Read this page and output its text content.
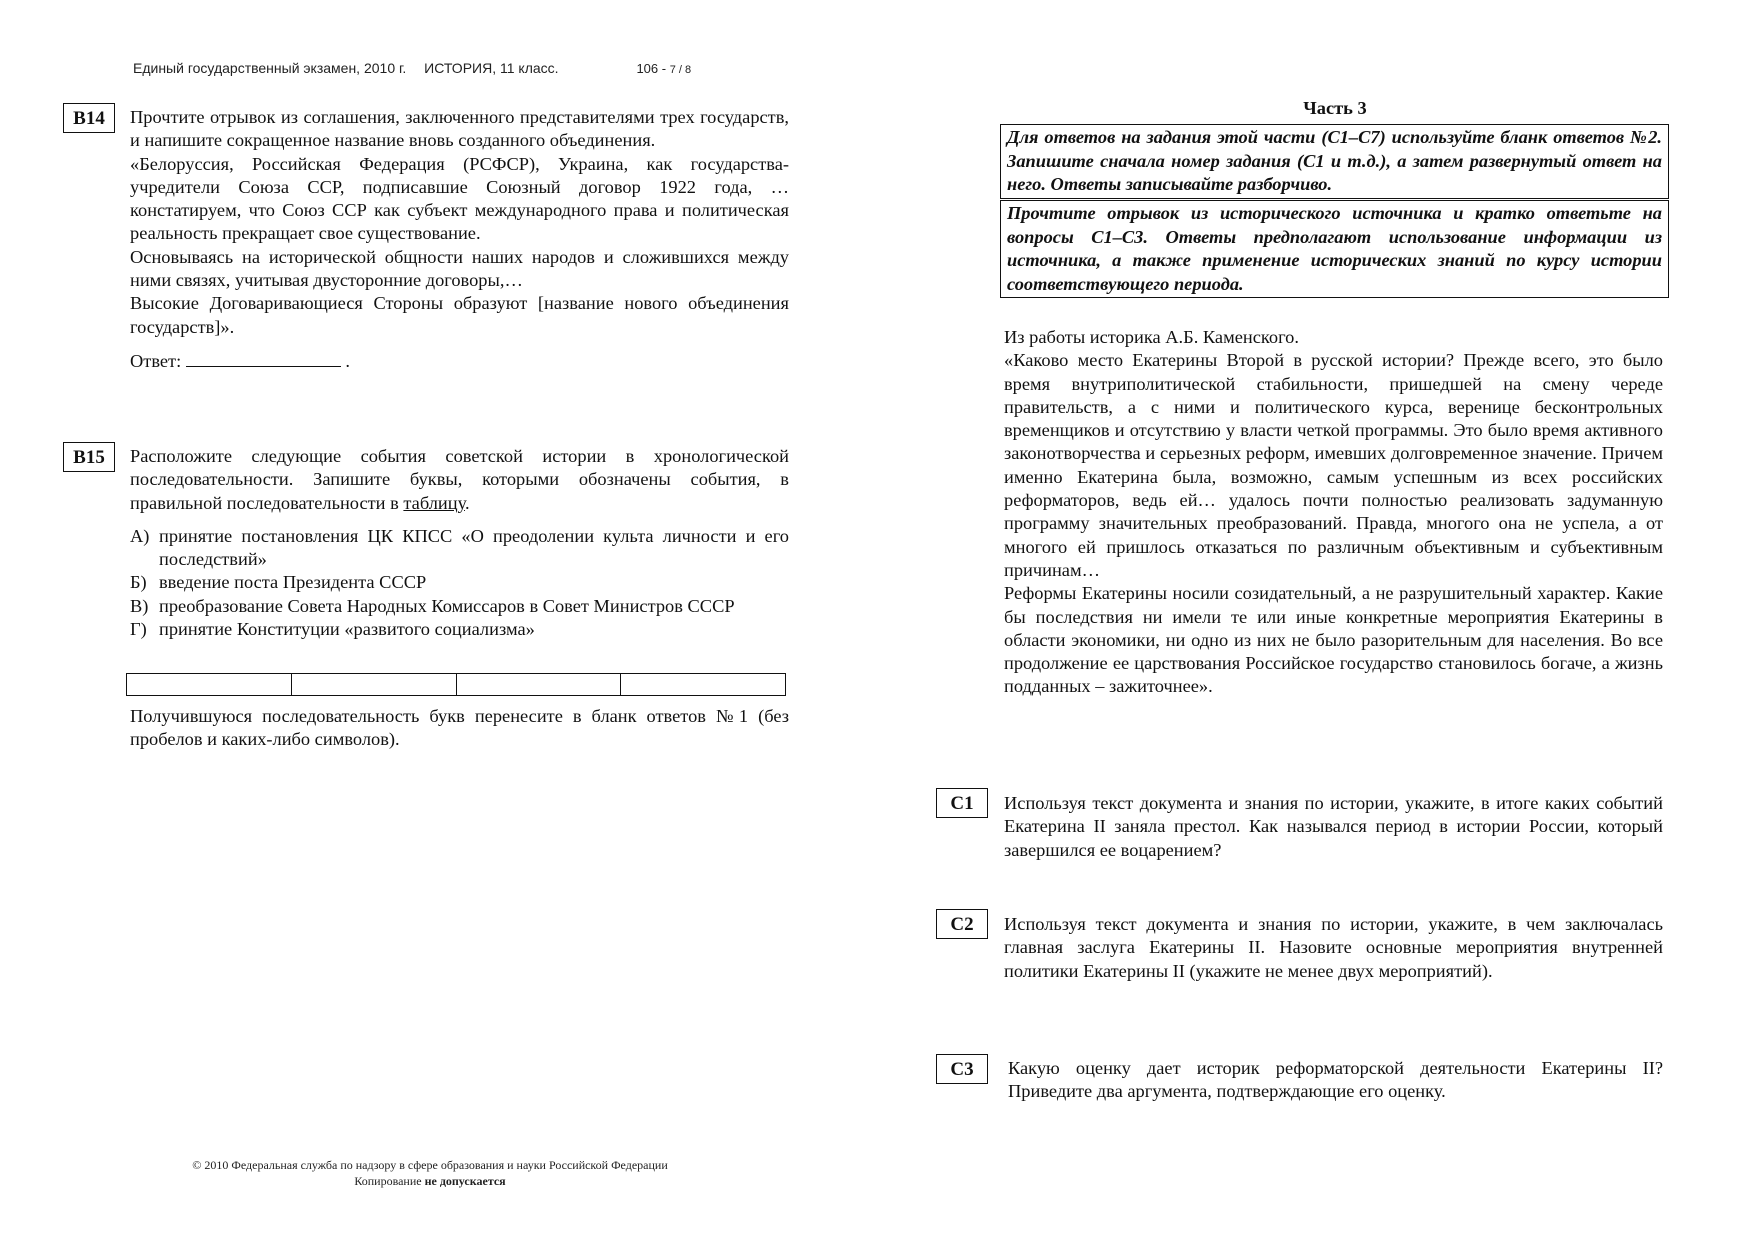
Единый государственный экзамен, 2010 г. ИСТОРИЯ, 11 класс.	106 - 7 / 8
B14	Прочтите отрывок из соглашения, заключенного представителями трех государств, и напишите сокращенное название вновь созданного объединения.

«Белоруссия, Российская Федерация (РСФСР), Украина, как государства-учредители Союза ССР, подписавшие Союзный договор 1922 года, …констатируем, что Союз ССР как субъект международного права и политическая реальность прекращает свое существование.

Основываясь на исторической общности наших народов и сложившихся между ними связях, учитывая двусторонние договоры,…

Высокие Договаривающиеся Стороны образуют [название нового объединения государств]».

Ответ:	.

B15	Расположите следующие события советской истории в хронологической последовательности. Запишите буквы, которыми обозначены события, в правильной последовательности в таблицу.

А) принятие постановления ЦК КПСС «О преодолении культа личности и его последствий»

Б) введение поста Президента СССР

В) преобразование Совета Народных Комиссаров в Совет Министров СССР

Г) принятие Конституции «развитого социализма»

Получившуюся последовательность букв перенесите в бланк ответов №1 (без пробелов и каких-либо символов).
© 2010 Федеральная служба по надзору в сфере образования и науки Российской Федерации
Копирование не допускается
Часть 3
Для ответов на задания этой части (С1–С7) используйте бланк ответов №2. Запишите сначала номер задания (С1 и т.д.), а затем развернутый ответ на него. Ответы записывайте разборчиво.
Прочтите отрывок из исторического источника и кратко ответьте на вопросы С1–С3. Ответы предполагают использование информации из источника, а также применение исторических знаний по курсу истории соответствующего периода.

Из работы историка А.Б. Каменского.

«Каково место Екатерины Второй в русской истории? Прежде всего, это было время внутриполитической стабильности, пришедшей на смену череде правительств, а с ними и политического курса, веренице бесконтрольных временщиков и отсутствию у власти четкой программы. Это было время активного законотворчества и серьезных реформ, имевших долговременное значение. Причем именно Екатерина была, возможно, самым успешным из всех российских реформаторов, ведь ей… удалось почти полностью реализовать задуманную программу значительных преобразований. Правда, многого она не успела, а от многого ей пришлось отказаться по различным объективным и субъективным причинам…

Реформы Екатерины носили созидательный, а не разрушительный характер. Какие бы последствия ни имели те или иные конкретные мероприятия Екатерины в области экономики, ни одно из них не было разорительным для населения. Во все продолжение ее царствования Российское государство становилось богаче, а жизнь подданных – зажиточнее».

C1	Используя текст документа и знания по истории, укажите, в итоге каких событий Екатерина II заняла престол. Как назывался период в истории России, который завершился ее воцарением?
C2	Используя текст документа и знания по истории, укажите, в чем заключалась главная заслуга Екатерины II. Назовите основные мероприятия внутренней политики Екатерины II (укажите не менее двух мероприятий).
C3	Какую оценку дает историк реформаторской деятельности Екатерины II? Приведите два аргумента, подтверждающие его оценку.
